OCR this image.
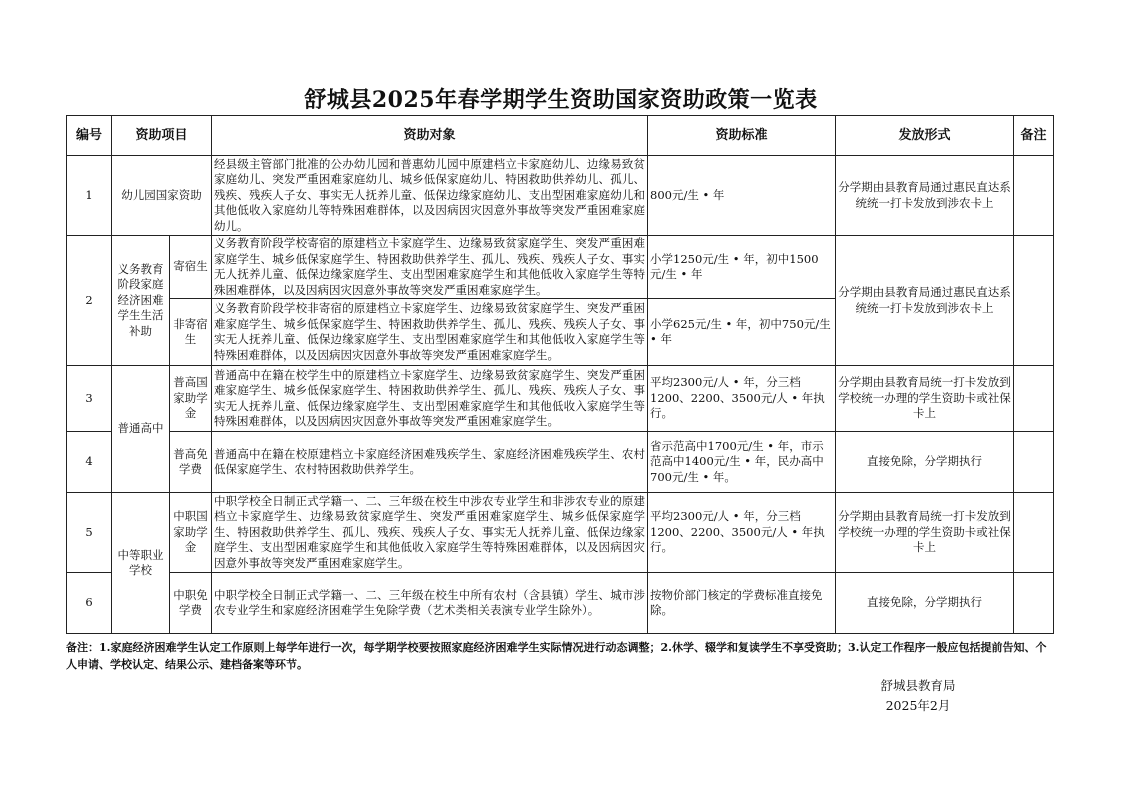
舒城县2025年春学期学生资助国家资助政策一览表
编号	资助项目		资助对象	资助标准	发放形式	备注
1	幼儿园国家资助		经县级主管部门批准的公办幼儿园和普惠幼儿园中原建档立卡家庭幼儿、边缘易致贫家庭幼儿、突发严重困难家庭幼儿、城乡低保家庭幼儿、特困救助供养幼儿、孤儿、残疾、残疾人子女、事实无人抚养儿童、低保边缘家庭幼儿、支出型困难家庭幼儿和其他低收入家庭幼儿等特殊困难群体，以及因病因灾因意外事故等突发严重困难家庭幼儿。	800元/生 • 年	分学期由县教育局通过惠民直达系统统一打卡发放到涉农卡上	
2	义务教育阶段家庭经济困难学生生活补助	寄宿生	义务教育阶段学校寄宿的原建档立卡家庭学生、边缘易致贫家庭学生、突发严重困难家庭学生、城乡低保家庭学生、特困救助供养学生、孤儿、残疾、残疾人子女、事实无人抚养儿童、低保边缘家庭学生、支出型困难家庭学生和其他低收入家庭学生等特殊困难群体，以及因病因灾因意外事故等突发严重困难家庭学生。	小学1250元/生 • 年，初中1500元/生 • 年	分学期由县教育局通过惠民直达系统统一打卡发放到涉农卡上	
		非寄宿生	义务教育阶段学校非寄宿的原建档立卡家庭学生、边缘易致贫家庭学生、突发严重困难家庭学生、城乡低保家庭学生、特困救助供养学生、孤儿、残疾、残疾人子女、事实无人抚养儿童、低保边缘家庭学生、支出型困难家庭学生和其他低收入家庭学生等特殊困难群体，以及因病因灾因意外事故等突发严重困难家庭学生。	小学625元/生 • 年，初中750元/生 • 年		
3	普通高中	普高国家助学金	普通高中在籍在校学生中的原建档立卡家庭学生、边缘易致贫家庭学生、突发严重困难家庭学生、城乡低保家庭学生、特困救助供养学生、孤儿、残疾、残疾人子女、事实无人抚养儿童、低保边缘家庭学生、支出型困难家庭学生和其他低收入家庭学生等特殊困难群体，以及因病因灾因意外事故等突发严重困难家庭学生。	平均2300元/人 • 年，分三档1200、2200、3500元/人 • 年执行。	分学期由县教育局统一打卡发放到学校统一办理的学生资助卡或社保卡上	
4		普高免学费	普通高中在籍在校原建档立卡家庭经济困难残疾学生、家庭经济困难残疾学生、农村低保家庭学生、农村特困救助供养学生。	省示范高中1700元/生 • 年，市示范高中1400元/生 • 年，民办高中700元/生 • 年。	直接免除，分学期执行	
5	中等职业学校	中职国家助学金	中职学校全日制正式学籍一、二、三年级在校生中涉农专业学生和非涉农专业的原建档立卡家庭学生、边缘易致贫家庭学生、突发严重困难家庭学生、城乡低保家庭学生、特困救助供养学生、孤儿、残疾、残疾人子女、事实无人抚养儿童、低保边缘家庭学生、支出型困难家庭学生和其他低收入家庭学生等特殊困难群体，以及因病因灾因意外事故等突发严重困难家庭学生。	平均2300元/人 • 年，分三档1200、2200、3500元/人 • 年执行。	分学期由县教育局统一打卡发放到学校统一办理的学生资助卡或社保卡上	
6		中职免学费	中职学校全日制正式学籍一、二、三年级在校生中所有农村（含县镇）学生、城市涉农专业学生和家庭经济困难学生免除学费（艺术类相关表演专业学生除外）。	按物价部门核定的学费标准直接免除。	直接免除，分学期执行	
备注：1.家庭经济困难学生认定工作原则上每学年进行一次，每学期学校要按照家庭经济困难学生实际情况进行动态调整；2.休学、辍学和复读学生不享受资助；3.认定工作程序一般应包括提前告知、个人申请、学校认定、结果公示、建档备案等环节。
舒城县教育局
2025年2月
